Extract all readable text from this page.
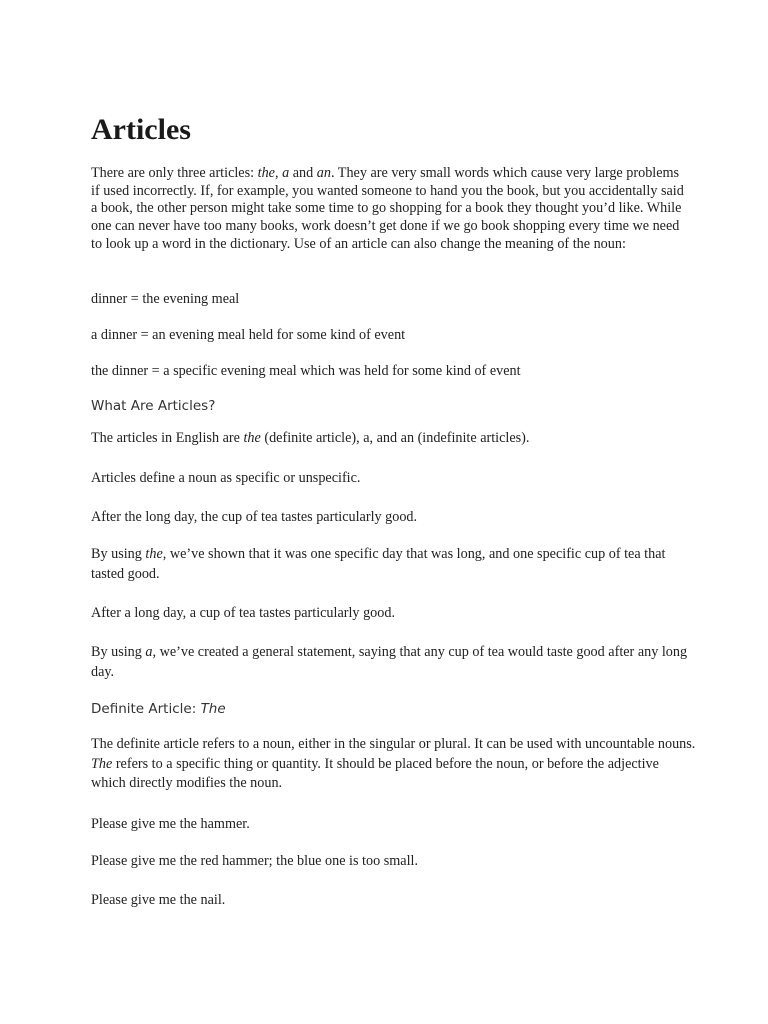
Articles

There are only three articles: the, a and an. They are very small words which cause very large problems if used incorrectly. If, for example, you wanted someone to hand you the book, but you accidentally said a book, the other person might take some time to go shopping for a book they thought you’d like. While one can never have too many books, work doesn’t get done if we go book shopping every time we need to look up a word in the dictionary. Use of an article can also change the meaning of the noun:

dinner = the evening meal

a dinner = an evening meal held for some kind of event

the dinner = a specific evening meal which was held for some kind of event

What Are Articles?

The articles in English are the (definite article), a, and an (indefinite articles).

Articles define a noun as specific or unspecific.

After the long day, the cup of tea tastes particularly good.

By using the, we’ve shown that it was one specific day that was long, and one specific cup of tea that tasted good.

After a long day, a cup of tea tastes particularly good.

By using a, we’ve created a general statement, saying that any cup of tea would taste good after any long day.

Definite Article: The

The definite article refers to a noun, either in the singular or plural. It can be used with uncountable nouns. The refers to a specific thing or quantity. It should be placed before the noun, or before the adjective which directly modifies the noun.

Please give me the hammer.

Please give me the red hammer; the blue one is too small.

Please give me the nail.
